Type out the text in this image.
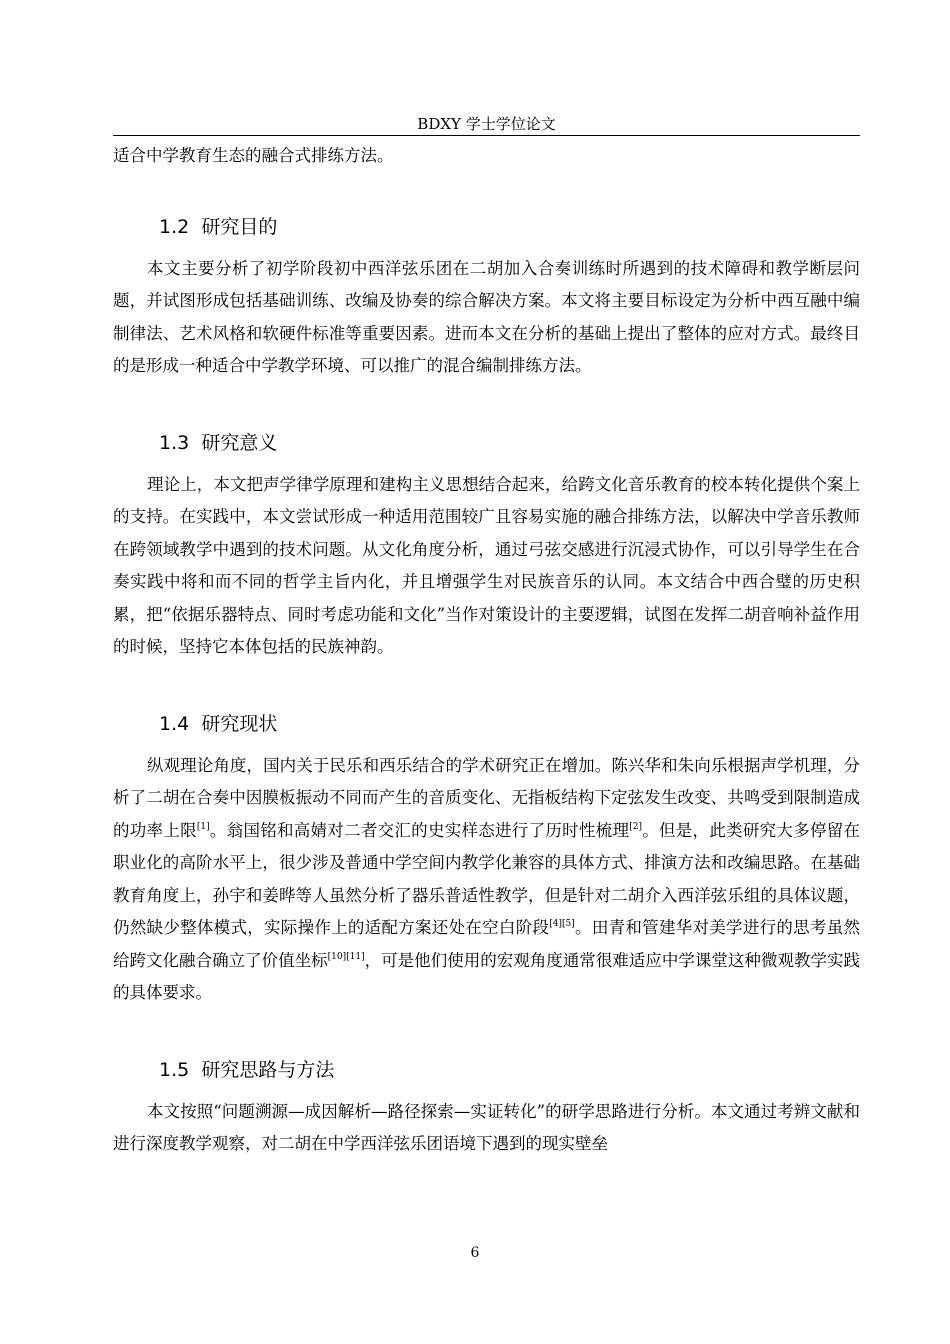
BDXY 学士学位论文

适合中学教育生态的融合式排练方法。

1.2 研究目的

本文主要分析了初学阶段初中西洋弦乐团在二胡加入合奏训练时所遇到的技术障碍和教学断层问题，并试图形成包括基础训练、改编及协奏的综合解决方案。本文将主要目标设定为分析中西互融中编制律法、艺术风格和软硬件标准等重要因素。进而本文在分析的基础上提出了整体的应对方式。最终目的是形成一种适合中学教学环境、可以推广的混合编制排练方法。

1.3 研究意义

理论上，本文把声学律学原理和建构主义思想结合起来，给跨文化音乐教育的校本转化提供个案上的支持。在实践中，本文尝试形成一种适用范围较广且容易实施的融合排练方法，以解决中学音乐教师在跨领域教学中遇到的技术问题。从文化角度分析，通过弓弦交感进行沉浸式协作，可以引导学生在合奏实践中将和而不同的哲学主旨内化，并且增强学生对民族音乐的认同。本文结合中西合璧的历史积累，把“依据乐器特点、同时考虑功能和文化”当作对策设计的主要逻辑，试图在发挥二胡音响补益作用的时候，坚持它本体包括的民族神韵。

1.4 研究现状

纵观理论角度，国内关于民乐和西乐结合的学术研究正在增加。陈兴华和朱向乐根据声学机理，分析了二胡在合奏中因膜板振动不同而产生的音质变化、无指板结构下定弦发生改变、共鸣受到限制造成的功率上限[1]。翁国铭和高婧对二者交汇的史实样态进行了历时性梳理[2]。但是，此类研究大多停留在职业化的高阶水平上，很少涉及普通中学空间内教学化兼容的具体方式、排演方法和改编思路。在基础教育角度上，孙宇和姜晔等人虽然分析了器乐普适性教学，但是针对二胡介入西洋弦乐组的具体议题，仍然缺少整体模式，实际操作上的适配方案还处在空白阶段[4][5]。田青和管建华对美学进行的思考虽然给跨文化融合确立了价值坐标[10][11]，可是他们使用的宏观角度通常很难适应中学课堂这种微观教学实践的具体要求。

1.5 研究思路与方法

本文按照“问题溯源—成因解析—路径探索—实证转化”的研学思路进行分析。本文通过考辨文献和进行深度教学观察，对二胡在中学西洋弦乐团语境下遇到的现实壁垒

6
